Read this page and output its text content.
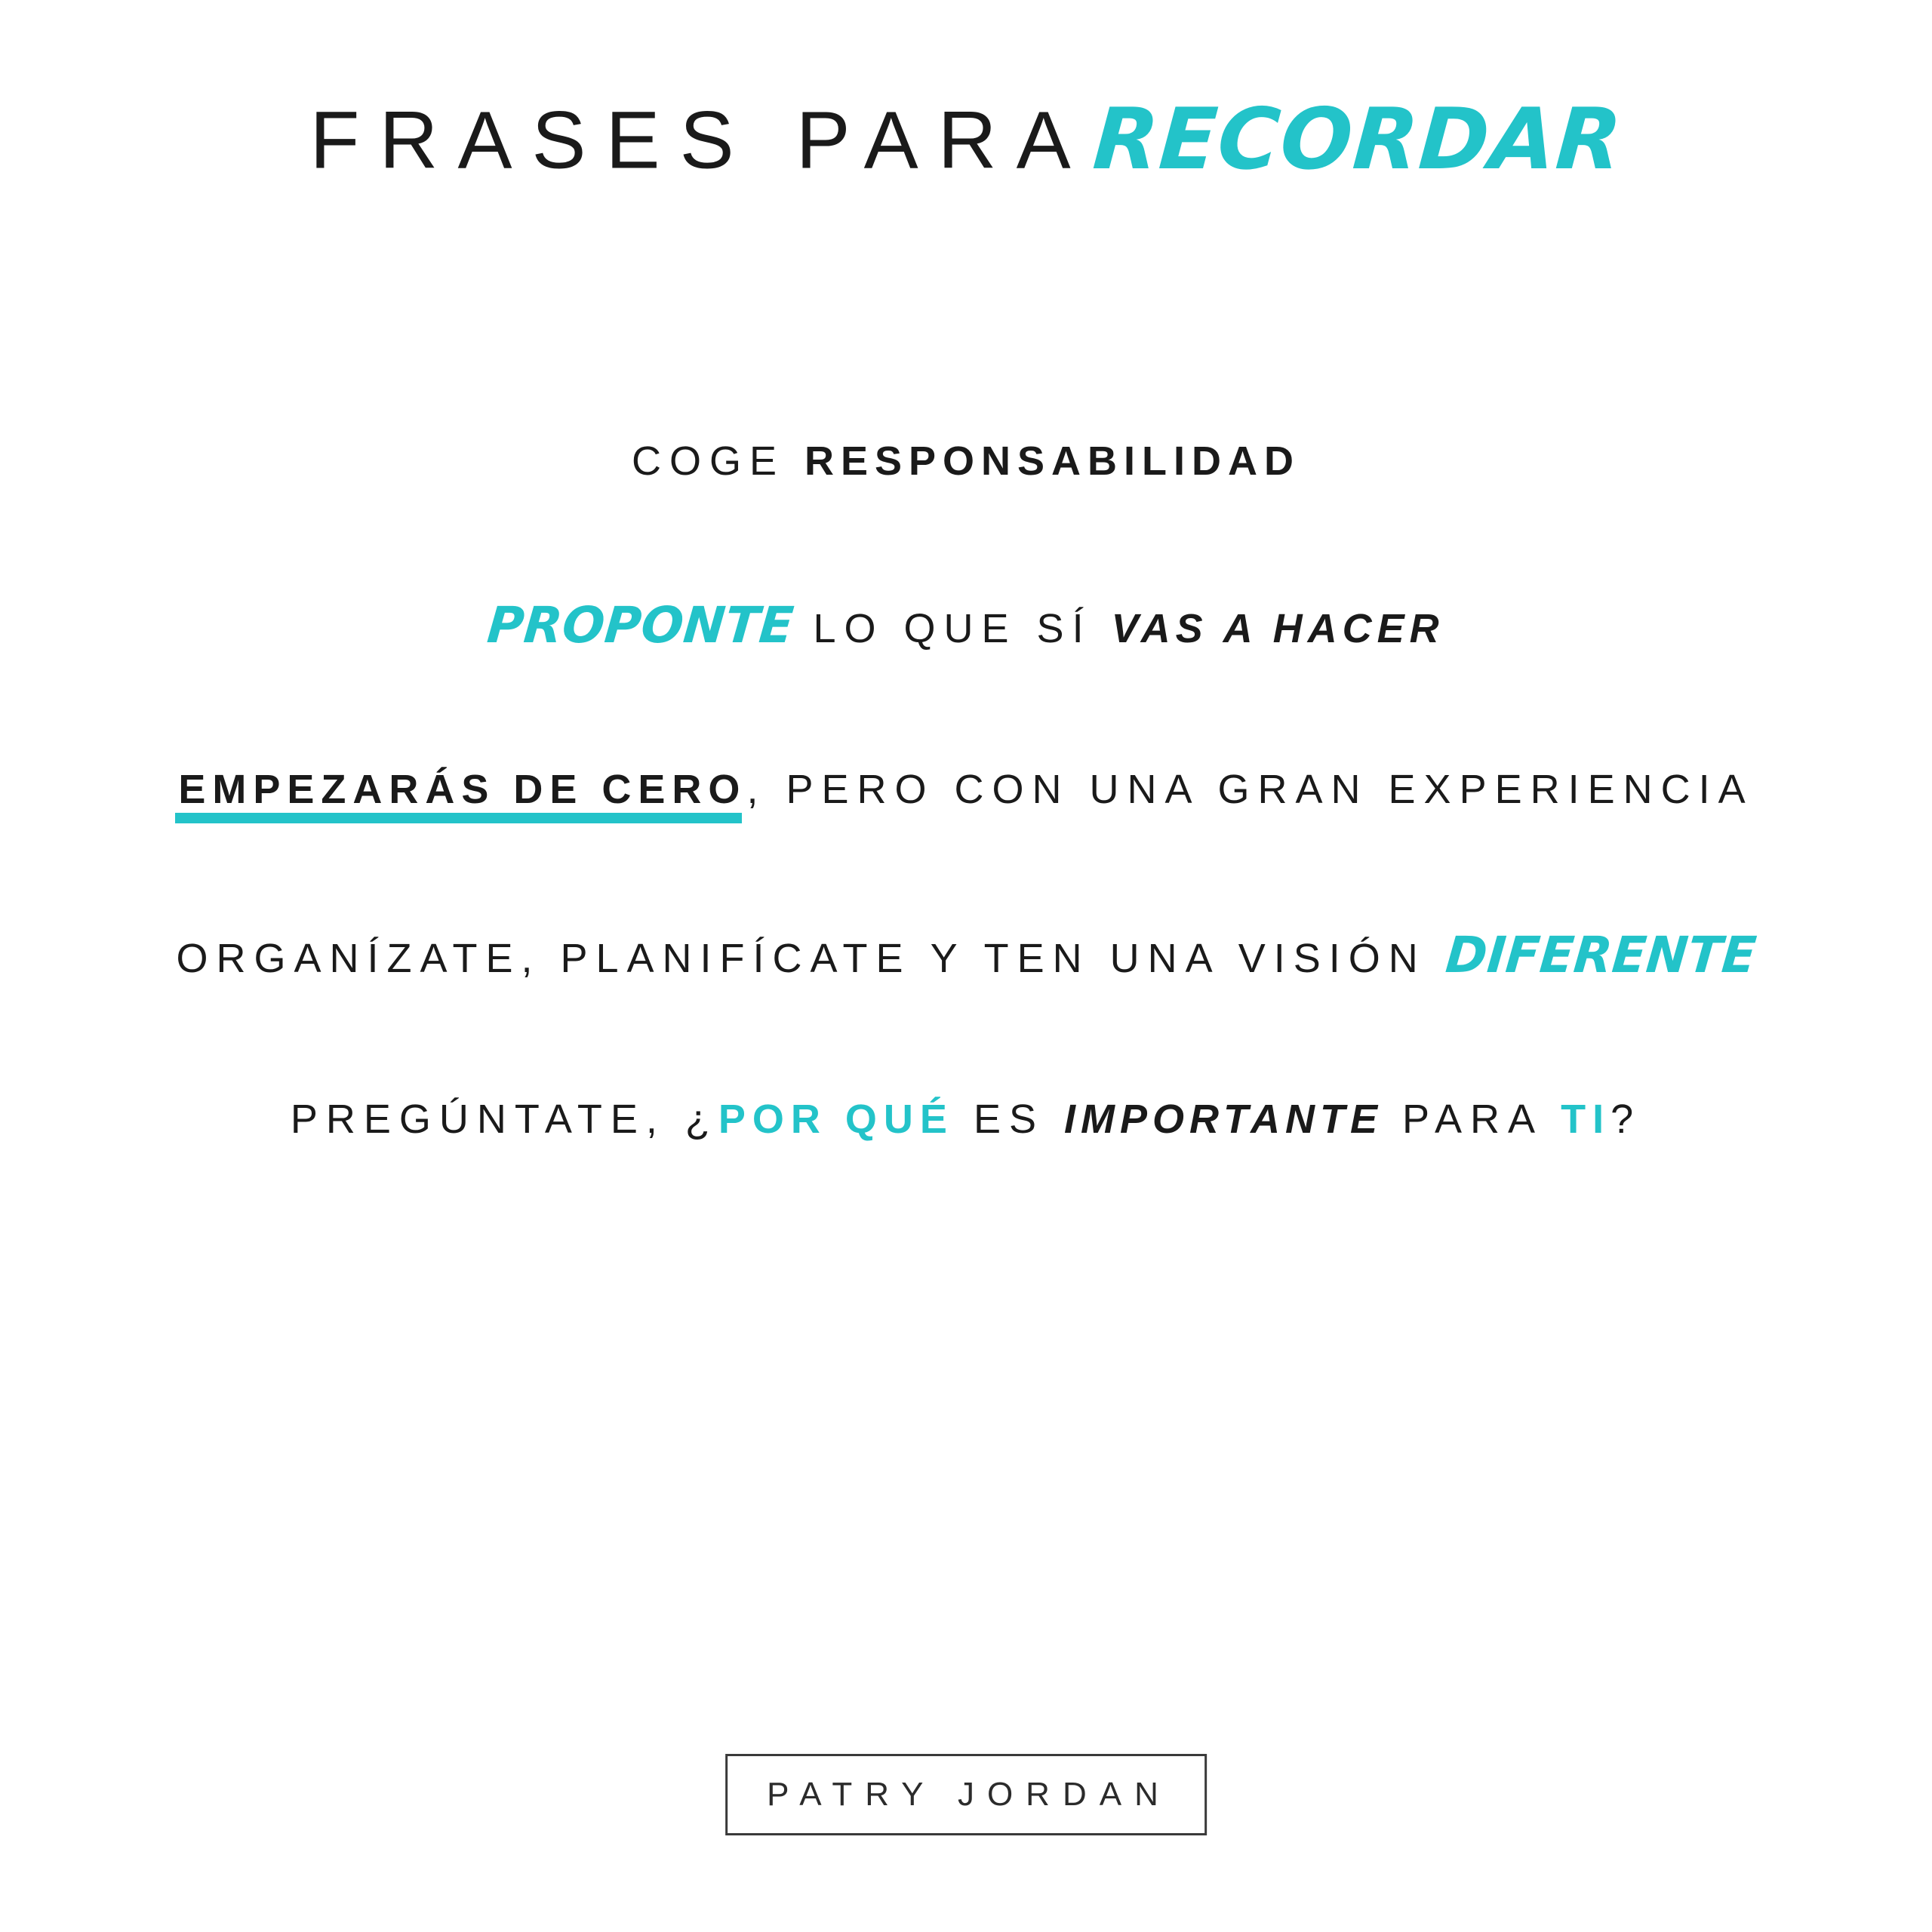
FRASES PARA RECORDAR
COGE RESPONSABILIDAD
PROPONTE LO QUE SÍ VAS A HACER
EMPEZARÁS DE CERO, PERO CON UNA GRAN EXPERIENCIA
ORGANÍZATE, PLANIFÍCATE Y TEN UNA VISIÓN DIFERENTE
PREGÚNTATE, ¿POR QUÉ ES IMPORTANTE PARA TI?
PATRY JORDAN
